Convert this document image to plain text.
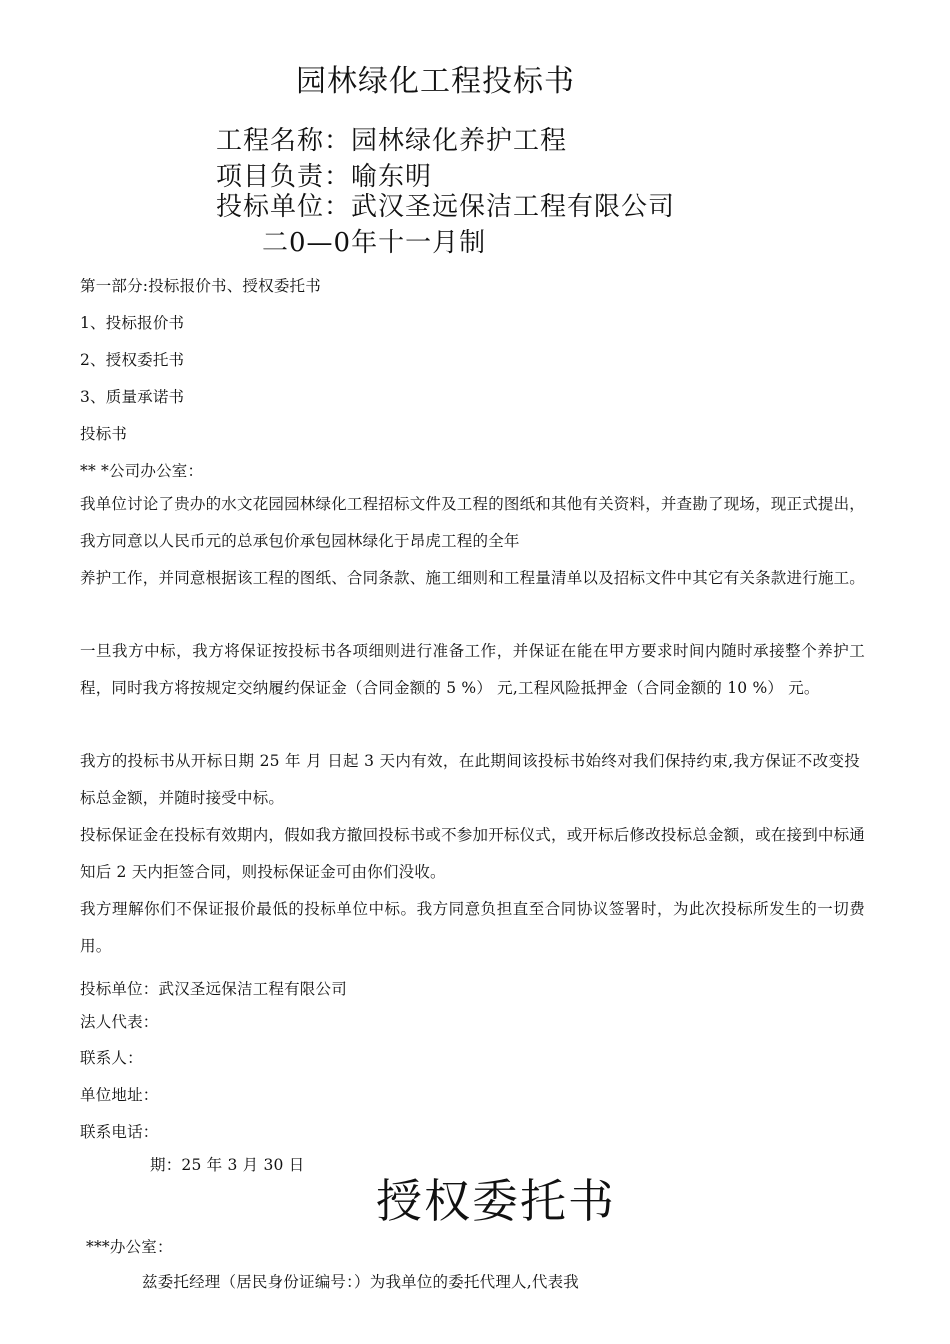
园林绿化工程投标书
工程名称：园林绿化养护工程
项目负责：喻东明
投标单位：武汉圣远保洁工程有限公司
二0—0年十一月制
第一部分:投标报价书、授权委托书
1、投标报价书
2、授权委托书
3、质量承诺书
投标书
** *公司办公室：
我单位讨论了贵办的水文花园园林绿化工程招标文件及工程的图纸和其他有关资料，并查勘了现场，现正式提出，我方同意以人民币元的总承包价承包园林绿化于昂虎工程的全年
养护工作，并同意根据该工程的图纸、合同条款、施工细则和工程量清单以及招标文件中其它有关条款进行施工。
一旦我方中标，我方将保证按投标书各项细则进行准备工作，并保证在能在甲方要求时间内随时承接整个养护工程，同时我方将按规定交纳履约保证金（合同金额的 5 %） 元,工程风险抵押金（合同金额的 10 %） 元。
我方的投标书从开标日期 25 年 月 日起 3 天内有效，在此期间该投标书始终对我们保持约束,我方保证不改变投标总金额，并随时接受中标。
投标保证金在投标有效期内，假如我方撤回投标书或不参加开标仪式，或开标后修改投标总金额，或在接到中标通知后 2 天内拒签合同，则投标保证金可由你们没收。
我方理解你们不保证报价最低的投标单位中标。我方同意负担直至合同协议签署时，为此次投标所发生的一切费用。
投标单位：武汉圣远保洁工程有限公司
法人代表：
联系人：
单位地址：
联系电话：
期：25 年 3 月 30 日
授权委托书
***办公室：
兹委托经理（居民身份证编号：）为我单位的委托代理人,代表我
